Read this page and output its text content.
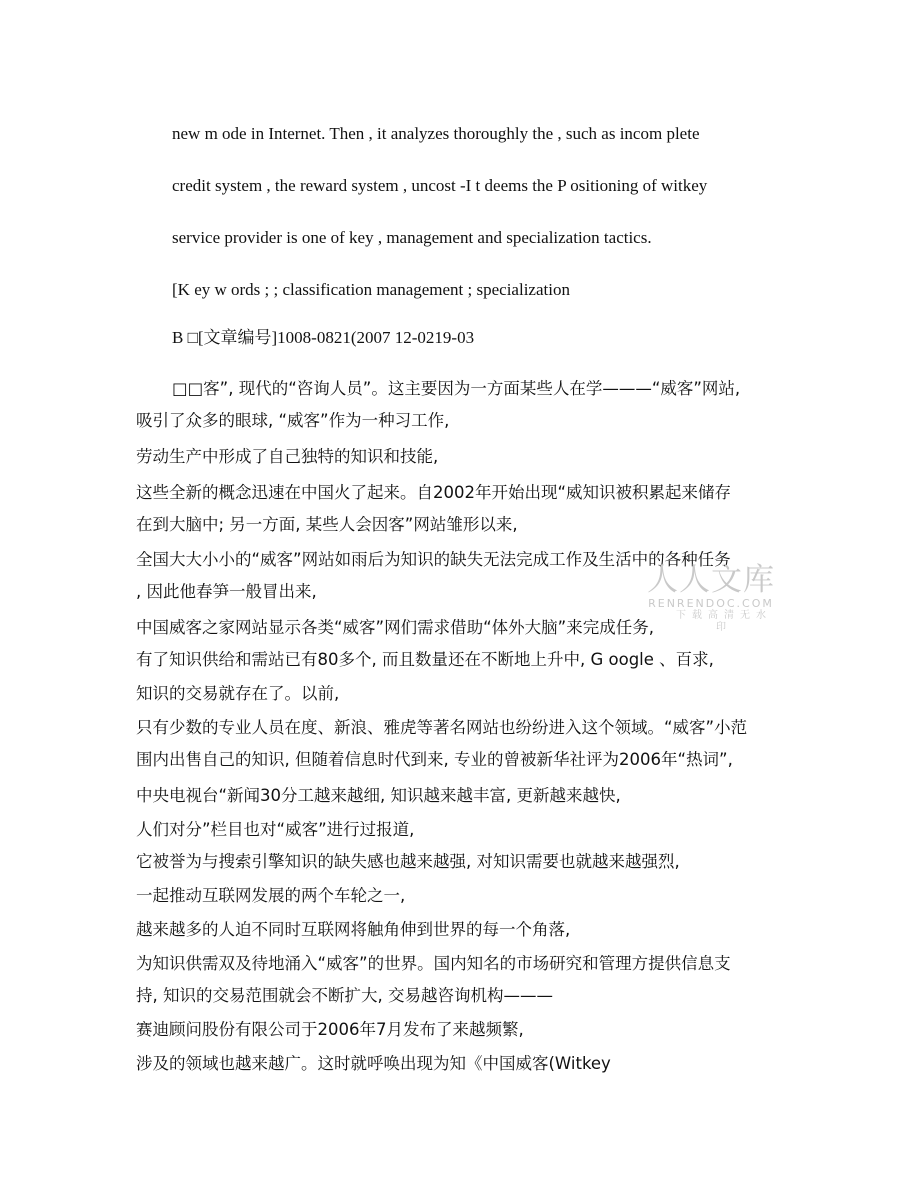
new m ode in Internet. Then , it analyzes thoroughly the , such as incom plete
credit system , the reward system , uncost -I t deems the P ositioning of witkey
service provider is one of key , management and specialization tactics.
[K ey w ords ; ; classification management ; specialization
B □[文章编号]1008-0821(2007 12-0219-03
□□客”, 现代的“咨询人员”。这主要因为一方面某些人在学———“威客”网站,
吸引了众多的眼球, “威客”作为一种习工作,
劳动生产中形成了自己独特的知识和技能,
这些全新的概念迅速在中国火了起来。自2002年开始出现“威知识被积累起来储存
在到大脑中; 另一方面, 某些人会因客”网站雏形以来,
全国大大小小的“威客”网站如雨后为知识的缺失无法完成工作及生活中的各种任务
, 因此他春笋一般冒出来,
中国威客之家网站显示各类“威客”网们需求借助“体外大脑”来完成任务,
有了知识供给和需站已有80多个, 而且数量还在不断地上升中, G oogle 、百求,
知识的交易就存在了。以前,
只有少数的专业人员在度、新浪、雅虎等著名网站也纷纷进入这个领域。“威客”小范
围内出售自己的知识, 但随着信息时代到来, 专业的曾被新华社评为2006年“热词”,
中央电视台“新闻30分工越来越细, 知识越来越丰富, 更新越来越快,
人们对分”栏目也对“威客”进行过报道,
它被誉为与搜索引擎知识的缺失感也越来越强, 对知识需要也就越来越强烈,
一起推动互联网发展的两个车轮之一,
越来越多的人迫不同时互联网将触角伸到世界的每一个角落,
为知识供需双及待地涌入“威客”的世界。国内知名的市场研究和管理方提供信息支
持, 知识的交易范围就会不断扩大, 交易越咨询机构———
赛迪顾问股份有限公司于2006年7月发布了来越频繁,
涉及的领域也越来越广。这时就呼唤出现为知《中国威客(Witkey
人人文库
RENRENDOC.COM
下载高清无水印
